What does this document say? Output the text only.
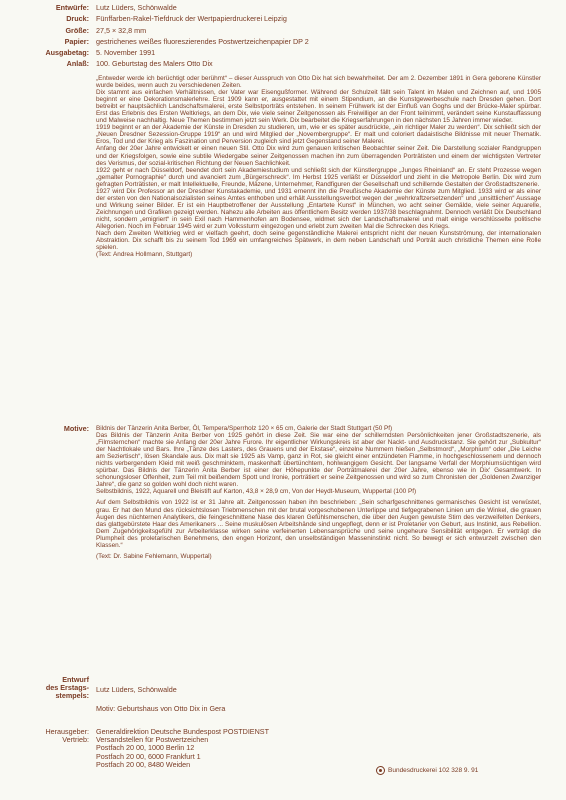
Entwürfe: Lutz Lüders, Schönwalde
Druck: Fünffarben-Rakel-Tiefdruck der Wertpapierdruckerei Leipzig
Größe: 27,5 × 32,8 mm
Papier: gestrichenes weißes fluoreszierendes Postwertzeichenpapier DP 2
Ausgabetag: 5. November 1991
Anlaß: 100. Geburtstag des Malers Otto Dix

„Entweder werde ich berüchtigt oder berühmt“ – dieser Ausspruch von Otto Dix hat sich bewahrheitet. Der am 2. Dezember 1891 in Gera geborene Künstler wurde beides, wenn auch zu verschiedenen Zeiten.

Dix stammt aus einfachen Verhältnissen, der Vater war Eisengußformer. Während der Schulzeit fällt sein Talent im Malen und Zeichnen auf, und 1905 beginnt er eine Dekorationsmalerlehre. Erst 1909 kann er, ausgestattet mit einem Stipendium, an die Kunstgewerbeschule nach Dresden gehen. Dort betreibt er hauptsächlich Landschaftsmalerei, erste Selbstporträts entstehen. In seinem Frühwerk ist der Einfluß van Goghs und der Brücke-Maler spürbar. Erst das Erlebnis des Ersten Weltkriegs, an dem Dix, wie viele seiner Zeitgenossen als Freiwilliger an der Front teilnimmt, verändert seine Kunstauffassung und Malweise nachhaltig. Neue Themen bestimmen jetzt sein Werk. Dix bearbeitet die Kriegserfahrungen in den nächsten 15 Jahren immer wieder.

1919 beginnt er an der Akademie der Künste in Dresden zu studieren, um, wie er es später ausdrückte, „ein richtiger Maler zu werden“. Dix schließt sich der „Neuen Dresdner Sezession-Gruppe 1919“ an und wird Mitglied der „Novembergruppe“. Er malt und coloriert dadaistische Bildnisse mit neuer Thematik. Eros, Tod und der Krieg als Faszination und Perversion zugleich sind jetzt Gegenstand seiner Malerei.

Anfang der 20er Jahre entwickelt er einen neuen Stil. Otto Dix wird zum genauen kritischen Beobachter seiner Zeit. Die Darstellung sozialer Randgruppen und der Kriegsfolgen, sowie eine subtile Wiedergabe seiner Zeitgenossen machen ihn zum überragenden Porträtisten und einem der wichtigsten Vertreter des Verismus, der sozial-kritischen Richtung der Neuen Sachlichkeit.

1922 geht er nach Düsseldorf, beendet dort sein Akademiestudium und schließt sich der Künstlergruppe „Junges Rheinland“ an. Er steht Prozesse wegen „gemalter Pornographie“ durch und avanciert zum „Bürgerschreck“. Im Herbst 1925 verläßt er Düsseldorf und zieht in die Metropole Berlin. Dix wird zum gefragten Porträtisten, er malt Intellektuelle, Freunde, Mäzene, Unternehmer, Randfiguren der Gesellschaft und schillernde Gestalten der Großstadtszenerie.

1927 wird Dix Professor an der Dresdner Kunstakademie, und 1931 ernennt ihn die Preußische Akademie der Künste zum Mitglied. 1933 wird er als einer der ersten von den Nationalsozialisten seines Amtes enthoben und erhält Ausstellungsverbot wegen der „wehrkraftzersetzenden“ und „unsittlichen“ Aussage und Wirkung seiner Bilder. Er ist ein Hauptbetroffener der Ausstellung „Entartete Kunst“ in München, wo acht seiner Gemälde, viele seiner Aquarelle, Zeichnungen und Grafiken gezeigt werden. Nahezu alle Arbeiten aus öffentlichem Besitz werden 1937/38 beschlagnahmt. Dennoch verläßt Dix Deutschland nicht, sondern „emigriert“ in sein Exil nach Hammenhofen am Bodensee, widmet sich der Landschaftsmalerei und malt einige verschlüsselte politische Allegorien. Noch im Februar 1945 wird er zum Volkssturm eingezogen und erlebt zum zweiten Mal die Schrecken des Kriegs.

Nach dem Zweiten Weltkrieg wird er vielfach geehrt, doch seine gegenständliche Malerei entspricht nicht der neuen Kunstströmung, der internationalen Abstraktion. Dix schafft bis zu seinem Tod 1969 ein umfangreiches Spätwerk, in dem neben Landschaft und Porträt auch christliche Themen eine Rolle spielen.

(Text: Andrea Hollmann, Stuttgart)

Motive: Bildnis der Tänzerin Anita Berber, Öl, Tempera/Sperrholz 120 × 65 cm, Galerie der Stadt Stuttgart (50 Pf)

Das Bildnis der Tänzerin Anita Berber von 1925 gehört in diese Zeit. Sie war eine der schillerndsten Persönlichkeiten jener Großstadtszenerie, als „Filmsternchen“ machte sie Anfang der 20er Jahre Furore. Ihr eigentlicher Wirkungskreis ist aber der Nackt- und Ausdruckstanz. Sie gehört zur „Subkultur“ der Nachtlokale und Bars. Ihre „Tänze des Lasters, des Grauens und der Ekstase“, einzelne Nummern hießen „Selbstmord“, „Morphium“ oder „Die Leiche am Seziertisch“, lösen Skandale aus. Dix malt sie 1925 als Vamp, ganz in Rot, sie gleicht einer entzündeten Flamme, in hochgeschlossenem und dennoch nichts verbergendem Kleid mit weiß geschminktem, maskenhaft übertünchtem, hohlwangigem Gesicht. Der langsame Verfall der Morphiumsüchtigen wird spürbar. Das Bildnis der Tänzerin Anita Berber ist einer der Höhepunkte der Porträtmalerei der 20er Jahre, ebenso wie in Dix' Gesamtwerk. In schonungsloser Offenheit, zum Teil mit beißendem Spott und Ironie, porträtiert er seine Zeitgenossen und wird so zum Chronisten der „Goldenen Zwanziger Jahre“, die ganz so golden wohl doch nicht waren.

Selbstbildnis, 1922, Aquarell und Bleistift auf Karton, 43,8 × 28,9 cm, Von der Heydt-Museum, Wuppertal (100 Pf)

Auf dem Selbstbildnis von 1922 ist er 31 Jahre alt. Zeitgenossen haben ihn beschrieben: „Sein scharfgeschnittenes germanisches Gesicht ist verwüstet, grau. Er hat den Mund des rücksichtslosen Triebmenschen mit der brutal vorgeschobenen Unterlippe und tiefgegrabenen Linien um die Winkel, die grauen Augen des nüchternen Analytikers, die feingeschnittene Nase des klaren Gefühlsmenschen, die über den Augen gewulste Stirn des verzweifelten Denkers, das glattgebürstete Haar des Amerikaners ... Seine muskulösen Arbeitshände sind ungepflegt, denn er ist Proletarier von Geburt, aus Instinkt, aus Rebellion. Dem Zugehörigkeitsgefühl zur Arbeiterklasse wirken seine verfeinerten Lebensansprüche und seine ungeheure Sensibilität entgegen. Er verträgt die Plumpheit des proletarischen Benehmens, den engen Horizont, den unselbständigen Masseninstinkt nicht. So bewegt er sich entwurzelt zwischen den Klassen.“

(Text: Dr. Sabine Fehlemann, Wuppertal)

Entwurf
des Erstags-
stempels:
Lutz Lüders, Schönwalde
Motiv: Geburtshaus von Otto Dix in Gera
Herausgeber:
Vertrieb:
Generaldirektion Deutsche Bundespost POSTDIENST
Versandstellen für Postwertzeichen
Postfach 20 00, 1000 Berlin 12
Postfach 20 00, 6000 Frankfurt 1
Postfach 20 00, 8480 Weiden
Bundesdruckerei 102 328 9. 91
